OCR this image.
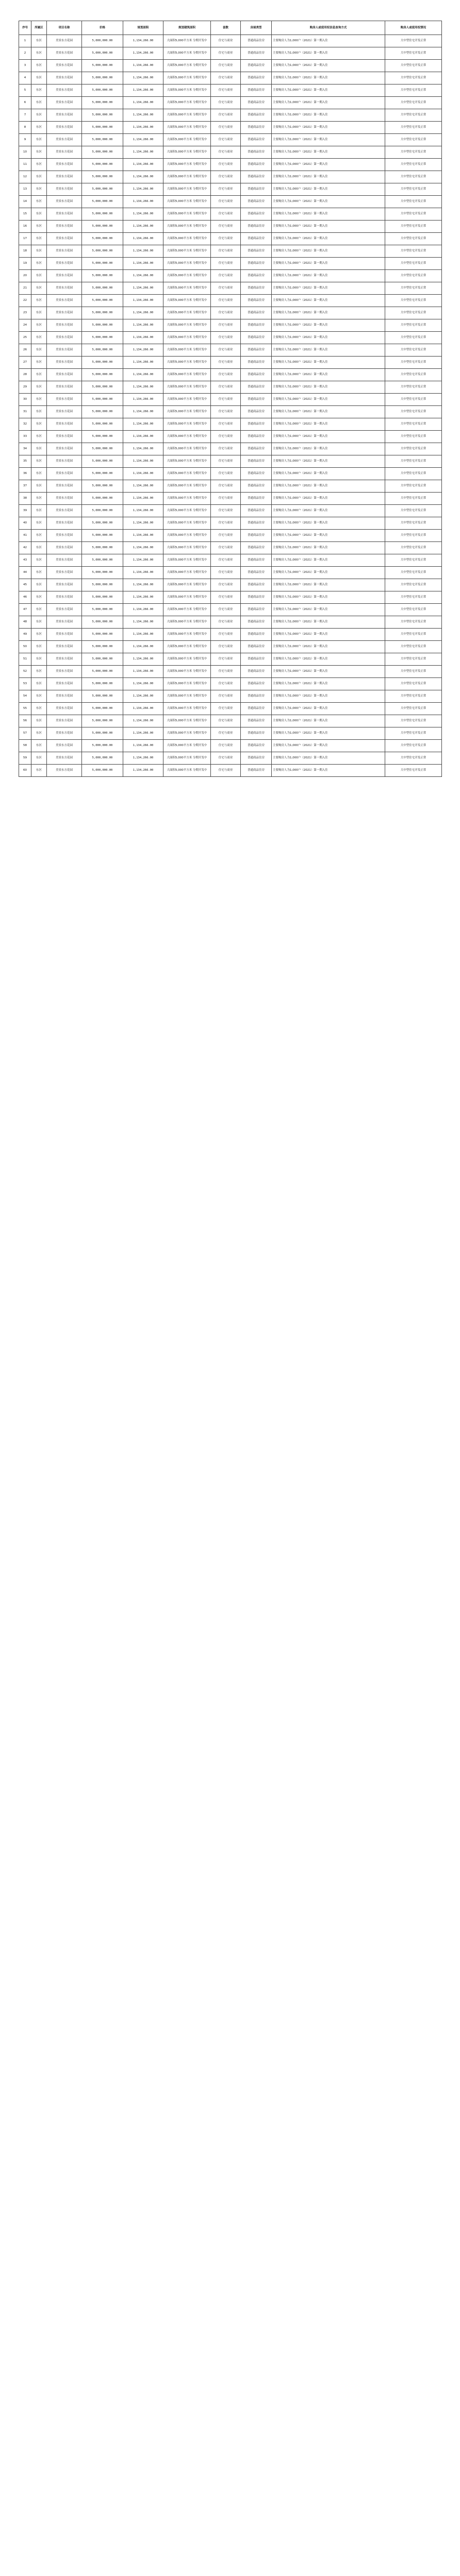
序号	所属区	项目名称	价格	规划面积	规划建筑面积	套数	房屋类型	购房人或使用权信息查询方式	购房人或使用权情况
1	东区	美景东方花园	5,000,000.00	1,134,266.00	大面积5,000平方米 分期开发中	住宅与商业	普通商品住房	主要购房人为1,000户（2021）第一期入住	大中型住宅开发正常
2	东区	美景东方花园	5,000,000.00	1,134,266.00	大面积5,000平方米 分期开发中	住宅与商业	普通商品住房	主要购房人为1,000户（2021）第一期入住	大中型住宅开发正常
3	东区	美景东方花园	5,000,000.00	1,134,266.00	大面积5,000平方米 分期开发中	住宅与商业	普通商品住房	主要购房人为1,000户（2021）第一期入住	大中型住宅开发正常
4	东区	美景东方花园	5,000,000.00	1,134,266.00	大面积5,000平方米 分期开发中	住宅与商业	普通商品住房	主要购房人为1,000户（2021）第一期入住	大中型住宅开发正常
5	东区	美景东方花园	5,000,000.00	1,134,266.00	大面积5,000平方米 分期开发中	住宅与商业	普通商品住房	主要购房人为1,000户（2021）第一期入住	大中型住宅开发正常
6	东区	美景东方花园	5,000,000.00	1,134,266.00	大面积5,000平方米 分期开发中	住宅与商业	普通商品住房	主要购房人为1,000户（2021）第一期入住	大中型住宅开发正常
7	东区	美景东方花园	5,000,000.00	1,134,266.00	大面积5,000平方米 分期开发中	住宅与商业	普通商品住房	主要购房人为1,000户（2021）第一期入住	大中型住宅开发正常
8	东区	美景东方花园	5,000,000.00	1,134,266.00	大面积5,000平方米 分期开发中	住宅与商业	普通商品住房	主要购房人为1,000户（2021）第一期入住	大中型住宅开发正常
9	东区	美景东方花园	5,000,000.00	1,134,266.00	大面积5,000平方米 分期开发中	住宅与商业	普通商品住房	主要购房人为1,000户（2021）第一期入住	大中型住宅开发正常
10	东区	美景东方花园	5,000,000.00	1,134,266.00	大面积5,000平方米 分期开发中	住宅与商业	普通商品住房	主要购房人为1,000户（2021）第一期入住	大中型住宅开发正常
11	东区	美景东方花园	5,000,000.00	1,134,266.00	大面积5,000平方米 分期开发中	住宅与商业	普通商品住房	主要购房人为1,000户（2021）第一期入住	大中型住宅开发正常
12	东区	美景东方花园	5,000,000.00	1,134,266.00	大面积5,000平方米 分期开发中	住宅与商业	普通商品住房	主要购房人为1,000户（2021）第一期入住	大中型住宅开发正常
13	东区	美景东方花园	5,000,000.00	1,134,266.00	大面积5,000平方米 分期开发中	住宅与商业	普通商品住房	主要购房人为1,000户（2021）第一期入住	大中型住宅开发正常
14	东区	美景东方花园	5,000,000.00	1,134,266.00	大面积5,000平方米 分期开发中	住宅与商业	普通商品住房	主要购房人为1,000户（2021）第一期入住	大中型住宅开发正常
15	东区	美景东方花园	5,000,000.00	1,134,266.00	大面积5,000平方米 分期开发中	住宅与商业	普通商品住房	主要购房人为1,000户（2021）第一期入住	大中型住宅开发正常
16	东区	美景东方花园	5,000,000.00	1,134,266.00	大面积5,000平方米 分期开发中	住宅与商业	普通商品住房	主要购房人为1,000户（2021）第一期入住	大中型住宅开发正常
17	东区	美景东方花园	5,000,000.00	1,134,266.00	大面积5,000平方米 分期开发中	住宅与商业	普通商品住房	主要购房人为1,000户（2021）第一期入住	大中型住宅开发正常
18	东区	美景东方花园	5,000,000.00	1,134,266.00	大面积5,000平方米 分期开发中	住宅与商业	普通商品住房	主要购房人为1,000户（2021）第一期入住	大中型住宅开发正常
19	东区	美景东方花园	5,000,000.00	1,134,266.00	大面积5,000平方米 分期开发中	住宅与商业	普通商品住房	主要购房人为1,000户（2021）第一期入住	大中型住宅开发正常
20	东区	美景东方花园	5,000,000.00	1,134,266.00	大面积5,000平方米 分期开发中	住宅与商业	普通商品住房	主要购房人为1,000户（2021）第一期入住	大中型住宅开发正常
21	东区	美景东方花园	5,000,000.00	1,134,266.00	大面积5,000平方米 分期开发中	住宅与商业	普通商品住房	主要购房人为1,000户（2021）第一期入住	大中型住宅开发正常
22	东区	美景东方花园	5,000,000.00	1,134,266.00	大面积5,000平方米 分期开发中	住宅与商业	普通商品住房	主要购房人为1,000户（2021）第一期入住	大中型住宅开发正常
23	东区	美景东方花园	5,000,000.00	1,134,266.00	大面积5,000平方米 分期开发中	住宅与商业	普通商品住房	主要购房人为1,000户（2021）第一期入住	大中型住宅开发正常
24	东区	美景东方花园	5,000,000.00	1,134,266.00	大面积5,000平方米 分期开发中	住宅与商业	普通商品住房	主要购房人为1,000户（2021）第一期入住	大中型住宅开发正常
25	东区	美景东方花园	5,000,000.00	1,134,266.00	大面积5,000平方米 分期开发中	住宅与商业	普通商品住房	主要购房人为1,000户（2021）第一期入住	大中型住宅开发正常
26	东区	美景东方花园	5,000,000.00	1,134,266.00	大面积5,000平方米 分期开发中	住宅与商业	普通商品住房	主要购房人为1,000户（2021）第一期入住	大中型住宅开发正常
27	东区	美景东方花园	5,000,000.00	1,134,266.00	大面积5,000平方米 分期开发中	住宅与商业	普通商品住房	主要购房人为1,000户（2021）第一期入住	大中型住宅开发正常
28	东区	美景东方花园	5,000,000.00	1,134,266.00	大面积5,000平方米 分期开发中	住宅与商业	普通商品住房	主要购房人为1,000户（2021）第一期入住	大中型住宅开发正常
29	东区	美景东方花园	5,000,000.00	1,134,266.00	大面积5,000平方米 分期开发中	住宅与商业	普通商品住房	主要购房人为1,000户（2021）第一期入住	大中型住宅开发正常
30	东区	美景东方花园	5,000,000.00	1,134,266.00	大面积5,000平方米 分期开发中	住宅与商业	普通商品住房	主要购房人为1,000户（2021）第一期入住	大中型住宅开发正常
31	东区	美景东方花园	5,000,000.00	1,134,266.00	大面积5,000平方米 分期开发中	住宅与商业	普通商品住房	主要购房人为1,000户（2021）第一期入住	大中型住宅开发正常
32	东区	美景东方花园	5,000,000.00	1,134,266.00	大面积5,000平方米 分期开发中	住宅与商业	普通商品住房	主要购房人为1,000户（2021）第一期入住	大中型住宅开发正常
33	东区	美景东方花园	5,000,000.00	1,134,266.00	大面积5,000平方米 分期开发中	住宅与商业	普通商品住房	主要购房人为1,000户（2021）第一期入住	大中型住宅开发正常
34	东区	美景东方花园	5,000,000.00	1,134,266.00	大面积5,000平方米 分期开发中	住宅与商业	普通商品住房	主要购房人为1,000户（2021）第一期入住	大中型住宅开发正常
35	东区	美景东方花园	5,000,000.00	1,134,266.00	大面积5,000平方米 分期开发中	住宅与商业	普通商品住房	主要购房人为1,000户（2021）第一期入住	大中型住宅开发正常
36	东区	美景东方花园	5,000,000.00	1,134,266.00	大面积5,000平方米 分期开发中	住宅与商业	普通商品住房	主要购房人为1,000户（2021）第一期入住	大中型住宅开发正常
37	东区	美景东方花园	5,000,000.00	1,134,266.00	大面积5,000平方米 分期开发中	住宅与商业	普通商品住房	主要购房人为1,000户（2021）第一期入住	大中型住宅开发正常
38	东区	美景东方花园	5,000,000.00	1,134,266.00	大面积5,000平方米 分期开发中	住宅与商业	普通商品住房	主要购房人为1,000户（2021）第一期入住	大中型住宅开发正常
39	东区	美景东方花园	5,000,000.00	1,134,266.00	大面积5,000平方米 分期开发中	住宅与商业	普通商品住房	主要购房人为1,000户（2021）第一期入住	大中型住宅开发正常
40	东区	美景东方花园	5,000,000.00	1,134,266.00	大面积5,000平方米 分期开发中	住宅与商业	普通商品住房	主要购房人为1,000户（2021）第一期入住	大中型住宅开发正常
41	东区	美景东方花园	5,000,000.00	1,134,266.00	大面积5,000平方米 分期开发中	住宅与商业	普通商品住房	主要购房人为1,000户（2021）第一期入住	大中型住宅开发正常
42	东区	美景东方花园	5,000,000.00	1,134,266.00	大面积5,000平方米 分期开发中	住宅与商业	普通商品住房	主要购房人为1,000户（2021）第一期入住	大中型住宅开发正常
43	东区	美景东方花园	5,000,000.00	1,134,266.00	大面积5,000平方米 分期开发中	住宅与商业	普通商品住房	主要购房人为1,000户（2021）第一期入住	大中型住宅开发正常
44	东区	美景东方花园	5,000,000.00	1,134,266.00	大面积5,000平方米 分期开发中	住宅与商业	普通商品住房	主要购房人为1,000户（2021）第一期入住	大中型住宅开发正常
45	东区	美景东方花园	5,000,000.00	1,134,266.00	大面积5,000平方米 分期开发中	住宅与商业	普通商品住房	主要购房人为1,000户（2021）第一期入住	大中型住宅开发正常
46	东区	美景东方花园	5,000,000.00	1,134,266.00	大面积5,000平方米 分期开发中	住宅与商业	普通商品住房	主要购房人为1,000户（2021）第一期入住	大中型住宅开发正常
47	东区	美景东方花园	5,000,000.00	1,134,266.00	大面积5,000平方米 分期开发中	住宅与商业	普通商品住房	主要购房人为1,000户（2021）第一期入住	大中型住宅开发正常
48	东区	美景东方花园	5,000,000.00	1,134,266.00	大面积5,000平方米 分期开发中	住宅与商业	普通商品住房	主要购房人为1,000户（2021）第一期入住	大中型住宅开发正常
49	东区	美景东方花园	5,000,000.00	1,134,266.00	大面积5,000平方米 分期开发中	住宅与商业	普通商品住房	主要购房人为1,000户（2021）第一期入住	大中型住宅开发正常
50	东区	美景东方花园	5,000,000.00	1,134,266.00	大面积5,000平方米 分期开发中	住宅与商业	普通商品住房	主要购房人为1,000户（2021）第一期入住	大中型住宅开发正常
51	东区	美景东方花园	5,000,000.00	1,134,266.00	大面积5,000平方米 分期开发中	住宅与商业	普通商品住房	主要购房人为1,000户（2021）第一期入住	大中型住宅开发正常
52	东区	美景东方花园	5,000,000.00	1,134,266.00	大面积5,000平方米 分期开发中	住宅与商业	普通商品住房	主要购房人为1,000户（2021）第一期入住	大中型住宅开发正常
53	东区	美景东方花园	5,000,000.00	1,134,266.00	大面积5,000平方米 分期开发中	住宅与商业	普通商品住房	主要购房人为1,000户（2021）第一期入住	大中型住宅开发正常
54	东区	美景东方花园	5,000,000.00	1,134,266.00	大面积5,000平方米 分期开发中	住宅与商业	普通商品住房	主要购房人为1,000户（2021）第一期入住	大中型住宅开发正常
55	东区	美景东方花园	5,000,000.00	1,134,266.00	大面积5,000平方米 分期开发中	住宅与商业	普通商品住房	主要购房人为1,000户（2021）第一期入住	大中型住宅开发正常
56	东区	美景东方花园	5,000,000.00	1,134,266.00	大面积5,000平方米 分期开发中	住宅与商业	普通商品住房	主要购房人为1,000户（2021）第一期入住	大中型住宅开发正常
57	东区	美景东方花园	5,000,000.00	1,134,266.00	大面积5,000平方米 分期开发中	住宅与商业	普通商品住房	主要购房人为1,000户（2021）第一期入住	大中型住宅开发正常
58	东区	美景东方花园	5,000,000.00	1,134,266.00	大面积5,000平方米 分期开发中	住宅与商业	普通商品住房	主要购房人为1,000户（2021）第一期入住	大中型住宅开发正常
59	东区	美景东方花园	5,000,000.00	1,134,266.00	大面积5,000平方米 分期开发中	住宅与商业	普通商品住房	主要购房人为1,000户（2021）第一期入住	大中型住宅开发正常
60	东区	美景东方花园	5,000,000.00	1,134,266.00	大面积5,000平方米 分期开发中	住宅与商业	普通商品住房	主要购房人为1,000户（2021）第一期入住	大中型住宅开发正常
